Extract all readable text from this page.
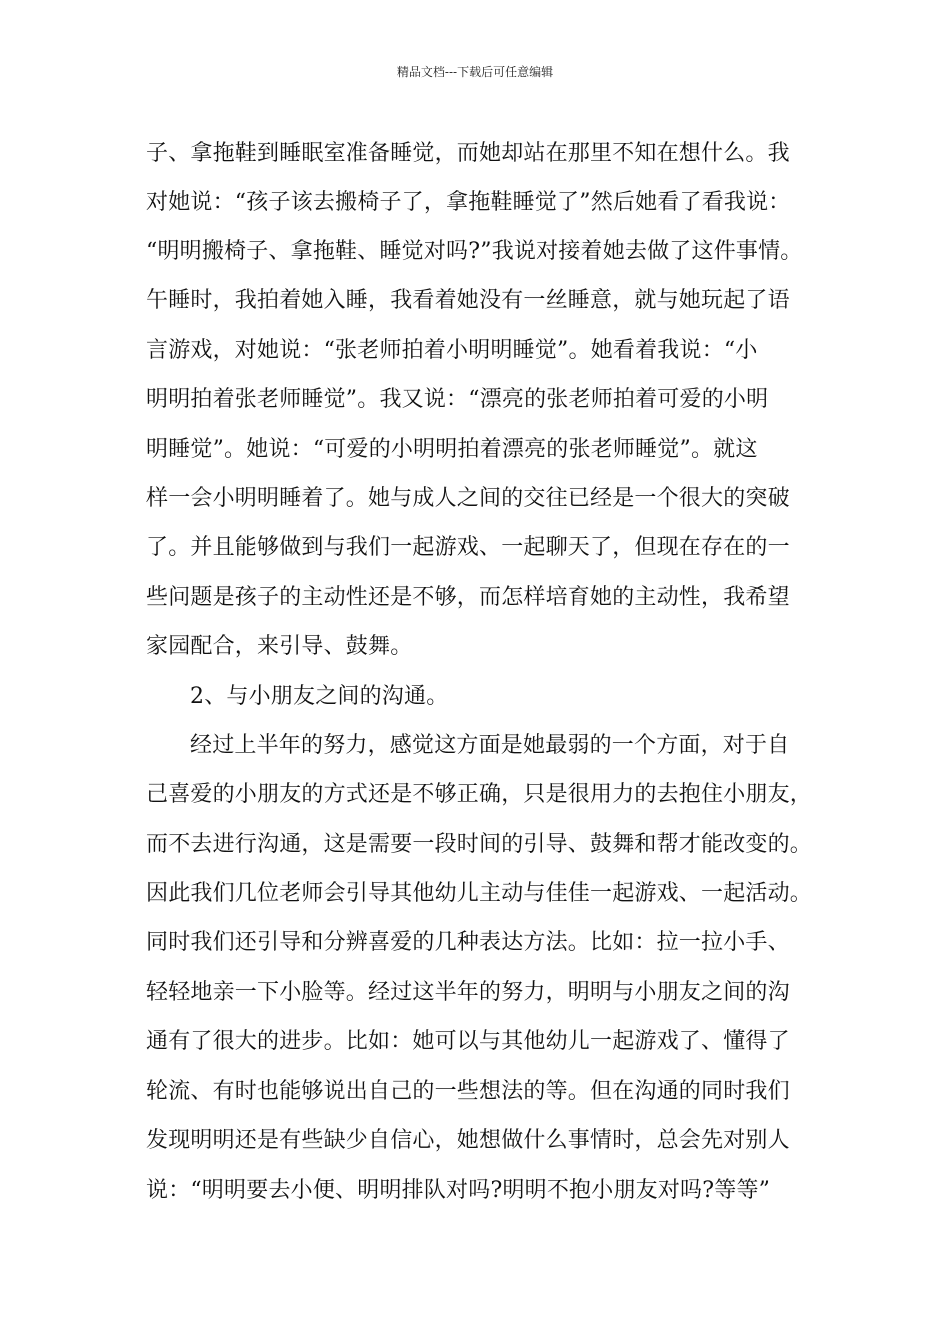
精品文档---下载后可任意编辑
子、拿拖鞋到睡眠室准备睡觉，而她却站在那里不知在想什么。我
对她说：“孩子该去搬椅子了，拿拖鞋睡觉了”然后她看了看我说：
“明明搬椅子、拿拖鞋、睡觉对吗?”我说对接着她去做了这件事情。
午睡时，我拍着她入睡，我看着她没有一丝睡意，就与她玩起了语
言游戏，对她说：“张老师拍着小明明睡觉”。她看着我说：“小
明明拍着张老师睡觉”。我又说：“漂亮的张老师拍着可爱的小明
明睡觉”。她说：“可爱的小明明拍着漂亮的张老师睡觉”。就这
样一会小明明睡着了。她与成人之间的交往已经是一个很大的突破
了。并且能够做到与我们一起游戏、一起聊天了，但现在存在的一
些问题是孩子的主动性还是不够，而怎样培育她的主动性，我希望
家园配合，来引导、鼓舞。
2、与小朋友之间的沟通。
经过上半年的努力，感觉这方面是她最弱的一个方面，对于自
己喜爱的小朋友的方式还是不够正确，只是很用力的去抱住小朋友，
而不去进行沟通，这是需要一段时间的引导、鼓舞和帮才能改变的。
因此我们几位老师会引导其他幼儿主动与佳佳一起游戏、一起活动。
同时我们还引导和分辨喜爱的几种表达方法。比如：拉一拉小手、
轻轻地亲一下小脸等。经过这半年的努力，明明与小朋友之间的沟
通有了很大的进步。比如：她可以与其他幼儿一起游戏了、懂得了
轮流、有时也能够说出自己的一些想法的等。但在沟通的同时我们
发现明明还是有些缺少自信心，她想做什么事情时，总会先对别人
说：“明明要去小便、明明排队对吗?明明不抱小朋友对吗?等等”
